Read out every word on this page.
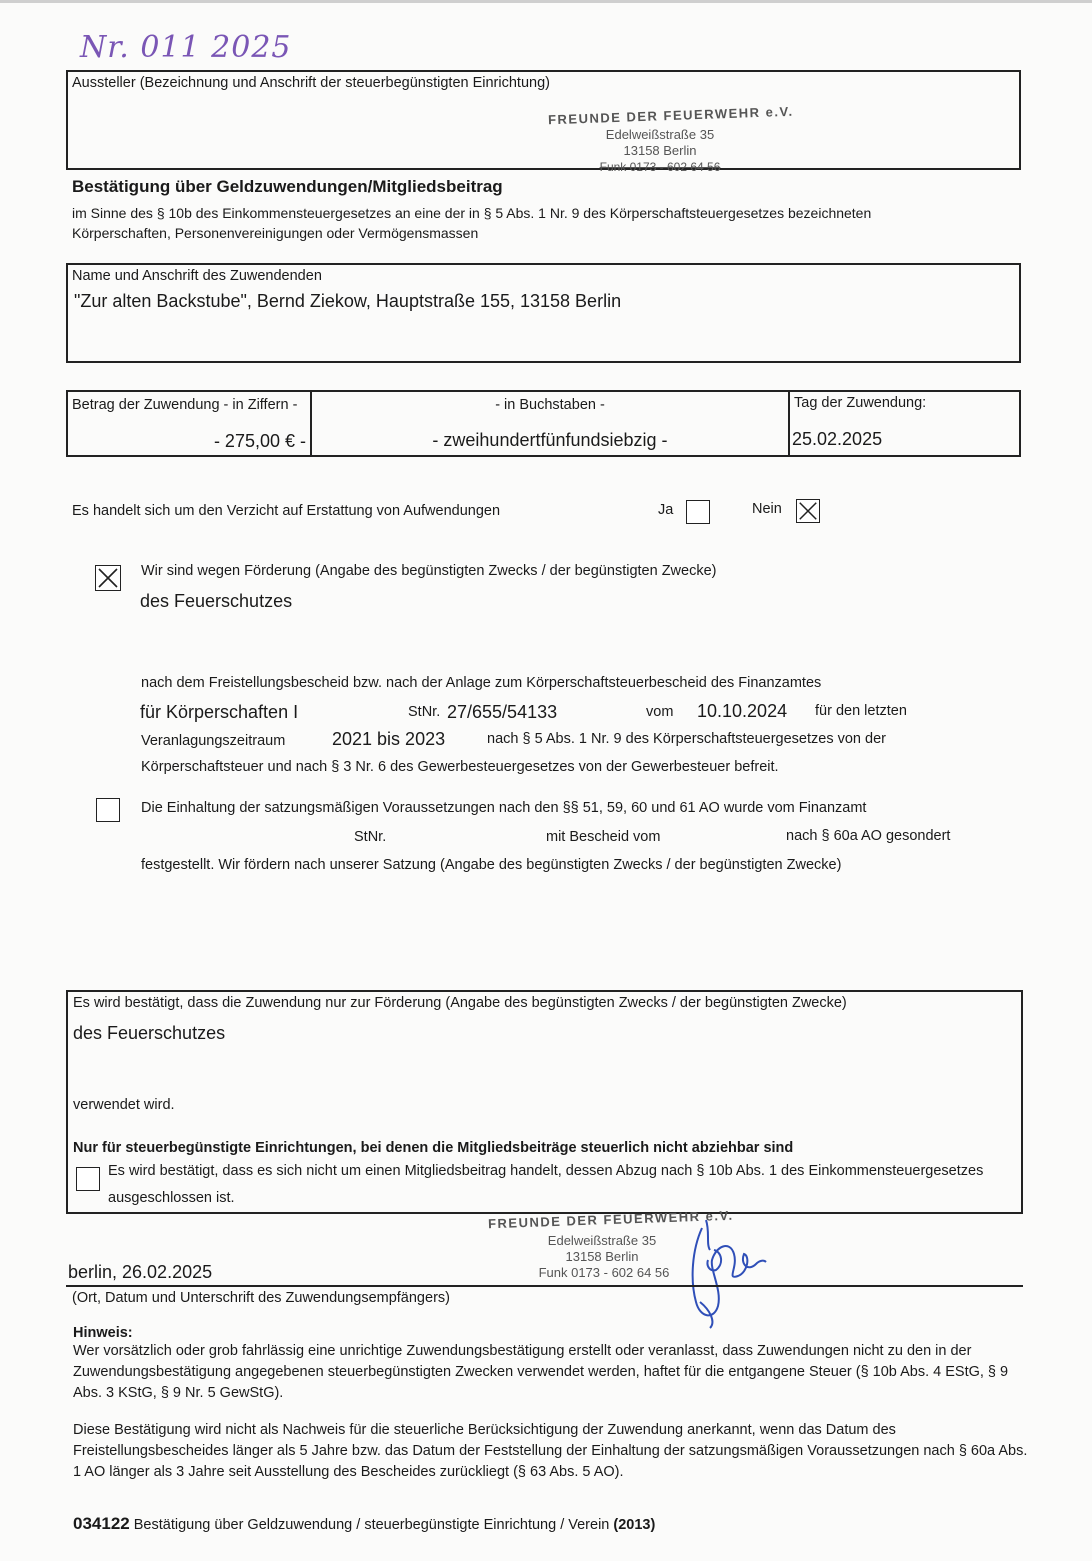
Nr. 011 2025
Aussteller (Bezeichnung und Anschrift der steuerbegünstigten Einrichtung)
FREUNDE DER FEUERWEHR e.V.
Edelweißstraße 35
13158 Berlin
Funk 0173 - 602 64 56
Bestätigung über Geldzuwendungen/Mitgliedsbeitrag
im Sinne des § 10b des Einkommensteuergesetzes an eine der in § 5 Abs. 1 Nr. 9 des Körperschaftsteuergesetzes bezeichneten Körperschaften, Personenvereinigungen oder Vermögensmassen
Name und Anschrift des Zuwendenden
"Zur alten Backstube", Bernd Ziekow, Hauptstraße 155, 13158 Berlin
Betrag der Zuwendung - in Ziffern -
- 275,00 € -
- in Buchstaben -
- zweihundertfünfundsiebzig -
Tag der Zuwendung:
25.02.2025
Es handelt sich um den Verzicht auf Erstattung von Aufwendungen	Ja	Nein
Wir sind wegen Förderung (Angabe des begünstigten Zwecks / der begünstigten Zwecke)
des Feuerschutzes
nach dem Freistellungsbescheid bzw. nach der Anlage zum Körperschaftsteuerbescheid des Finanzamtes
für Körperschaften I	StNr. 27/655/54133	vom 10.10.2024 für den letzten
Veranlagungszeitraum	2021 bis 2023	nach § 5 Abs. 1 Nr. 9 des Körperschaftsteuergesetzes von der
Körperschaftsteuer und nach § 3 Nr. 6 des Gewerbesteuergesetzes von der Gewerbesteuer befreit.
Die Einhaltung der satzungsmäßigen Voraussetzungen nach den §§ 51, 59, 60 und 61 AO wurde vom Finanzamt
StNr.	mit Bescheid vom	nach § 60a AO gesondert
festgestellt. Wir fördern nach unserer Satzung (Angabe des begünstigten Zwecks / der begünstigten Zwecke)
Es wird bestätigt, dass die Zuwendung nur zur Förderung (Angabe des begünstigten Zwecks / der begünstigten Zwecke)
des Feuerschutzes
verwendet wird.
Nur für steuerbegünstigte Einrichtungen, bei denen die Mitgliedsbeiträge steuerlich nicht abziehbar sind
Es wird bestätigt, dass es sich nicht um einen Mitgliedsbeitrag handelt, dessen Abzug nach § 10b Abs. 1 des Einkommensteuergesetzes
ausgeschlossen ist.
FREUNDE DER FEUERWEHR e.V.
Edelweißstraße 35
13158 Berlin
Funk 0173 - 602 64 56
berlin, 26.02.2025
(Ort, Datum und Unterschrift des Zuwendungsempfängers)
Hinweis:
Wer vorsätzlich oder grob fahrlässig eine unrichtige Zuwendungsbestätigung erstellt oder veranlasst, dass Zuwendungen nicht zu den in der Zuwendungsbestätigung angegebenen steuerbegünstigten Zwecken verwendet werden, haftet für die entgangene Steuer (§ 10b Abs. 4 EStG, § 9 Abs. 3 KStG, § 9 Nr. 5 GewStG).
Diese Bestätigung wird nicht als Nachweis für die steuerliche Berücksichtigung der Zuwendung anerkannt, wenn das Datum des Freistellungsbescheides länger als 5 Jahre bzw. das Datum der Feststellung der Einhaltung der satzungsmäßigen Voraussetzungen nach § 60a Abs. 1 AO länger als 3 Jahre seit Ausstellung des Bescheides zurückliegt (§ 63 Abs. 5 AO).
034122 Bestätigung über Geldzuwendung / steuerbegünstigte Einrichtung / Verein (2013)
